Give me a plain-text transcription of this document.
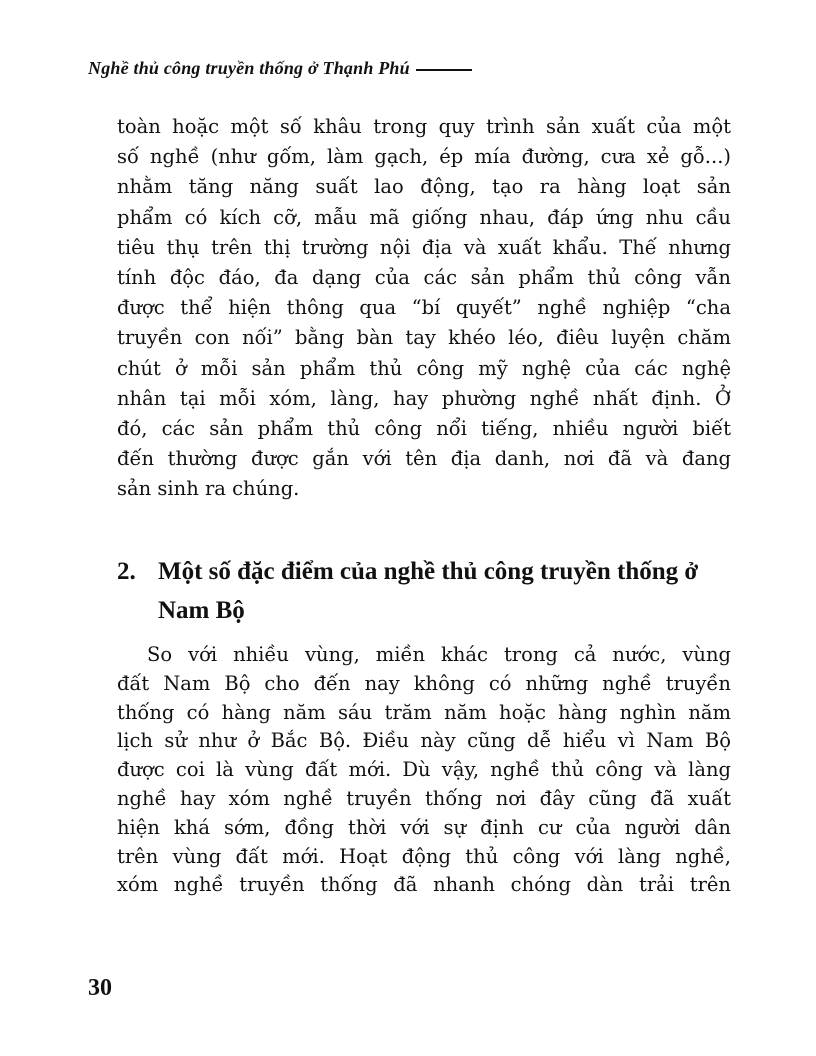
Nghề thủ công truyền thống ở Thạnh Phú
toàn hoặc một số khâu trong quy trình sản xuất của một
số nghề (như gốm, làm gạch, ép mía đường, cưa xẻ gỗ...)
nhằm tăng năng suất lao động, tạo ra hàng loạt sản
phẩm có kích cỡ, mẫu mã giống nhau, đáp ứng nhu cầu
tiêu thụ trên thị trường nội địa và xuất khẩu. Thế nhưng
tính độc đáo, đa dạng của các sản phẩm thủ công vẫn
được thể hiện thông qua “bí quyết” nghề nghiệp “cha
truyền con nối” bằng bàn tay khéo léo, điêu luyện chăm
chút ở mỗi sản phẩm thủ công mỹ nghệ của các nghệ
nhân tại mỗi xóm, làng, hay phường nghề nhất định. Ở
đó, các sản phẩm thủ công nổi tiếng, nhiều người biết
đến thường được gắn với tên địa danh, nơi đã và đang
sản sinh ra chúng.
2. Một số đặc điểm của nghề thủ công truyền thống ở
Nam Bộ
So với nhiều vùng, miền khác trong cả nước, vùng
đất Nam Bộ cho đến nay không có những nghề truyền
thống có hàng năm sáu trăm năm hoặc hàng nghìn năm
lịch sử như ở Bắc Bộ. Điều này cũng dễ hiểu vì Nam Bộ
được coi là vùng đất mới. Dù vậy, nghề thủ công và làng
nghề hay xóm nghề truyền thống nơi đây cũng đã xuất
hiện khá sớm, đồng thời với sự định cư của người dân
trên vùng đất mới. Hoạt động thủ công với làng nghề,
xóm nghề truyền thống đã nhanh chóng dàn trải trên
30
